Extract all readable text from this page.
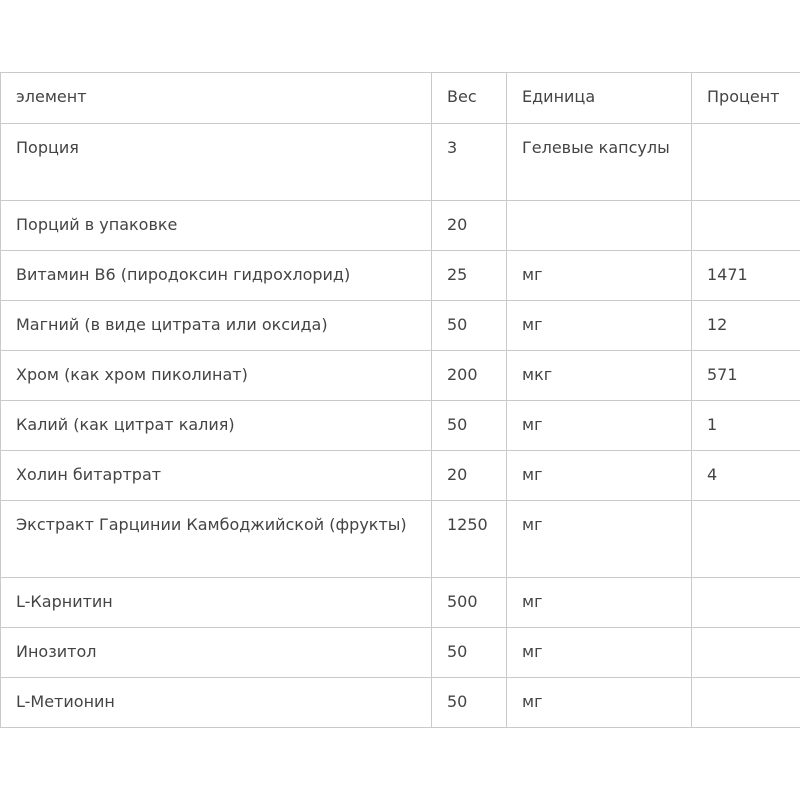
элемент	Вес	Единица	Процент
Порция	3	Гелевые капсулы	
Порций в упаковке	20		
Витамин B6 (пиродоксин гидрохлорид)	25	мг	1471
Магний (в виде цитрата или оксида)	50	мг	12
Хром (как хром пиколинат)	200	мкг	571
Калий (как цитрат калия)	50	мг	1
Холин битартрат	20	мг	4
Экстракт Гарцинии Камбоджийской (фрукты)	1250	мг	
L-Карнитин	500	мг	
Инозитол	50	мг	
L-Метионин	50	мг	
